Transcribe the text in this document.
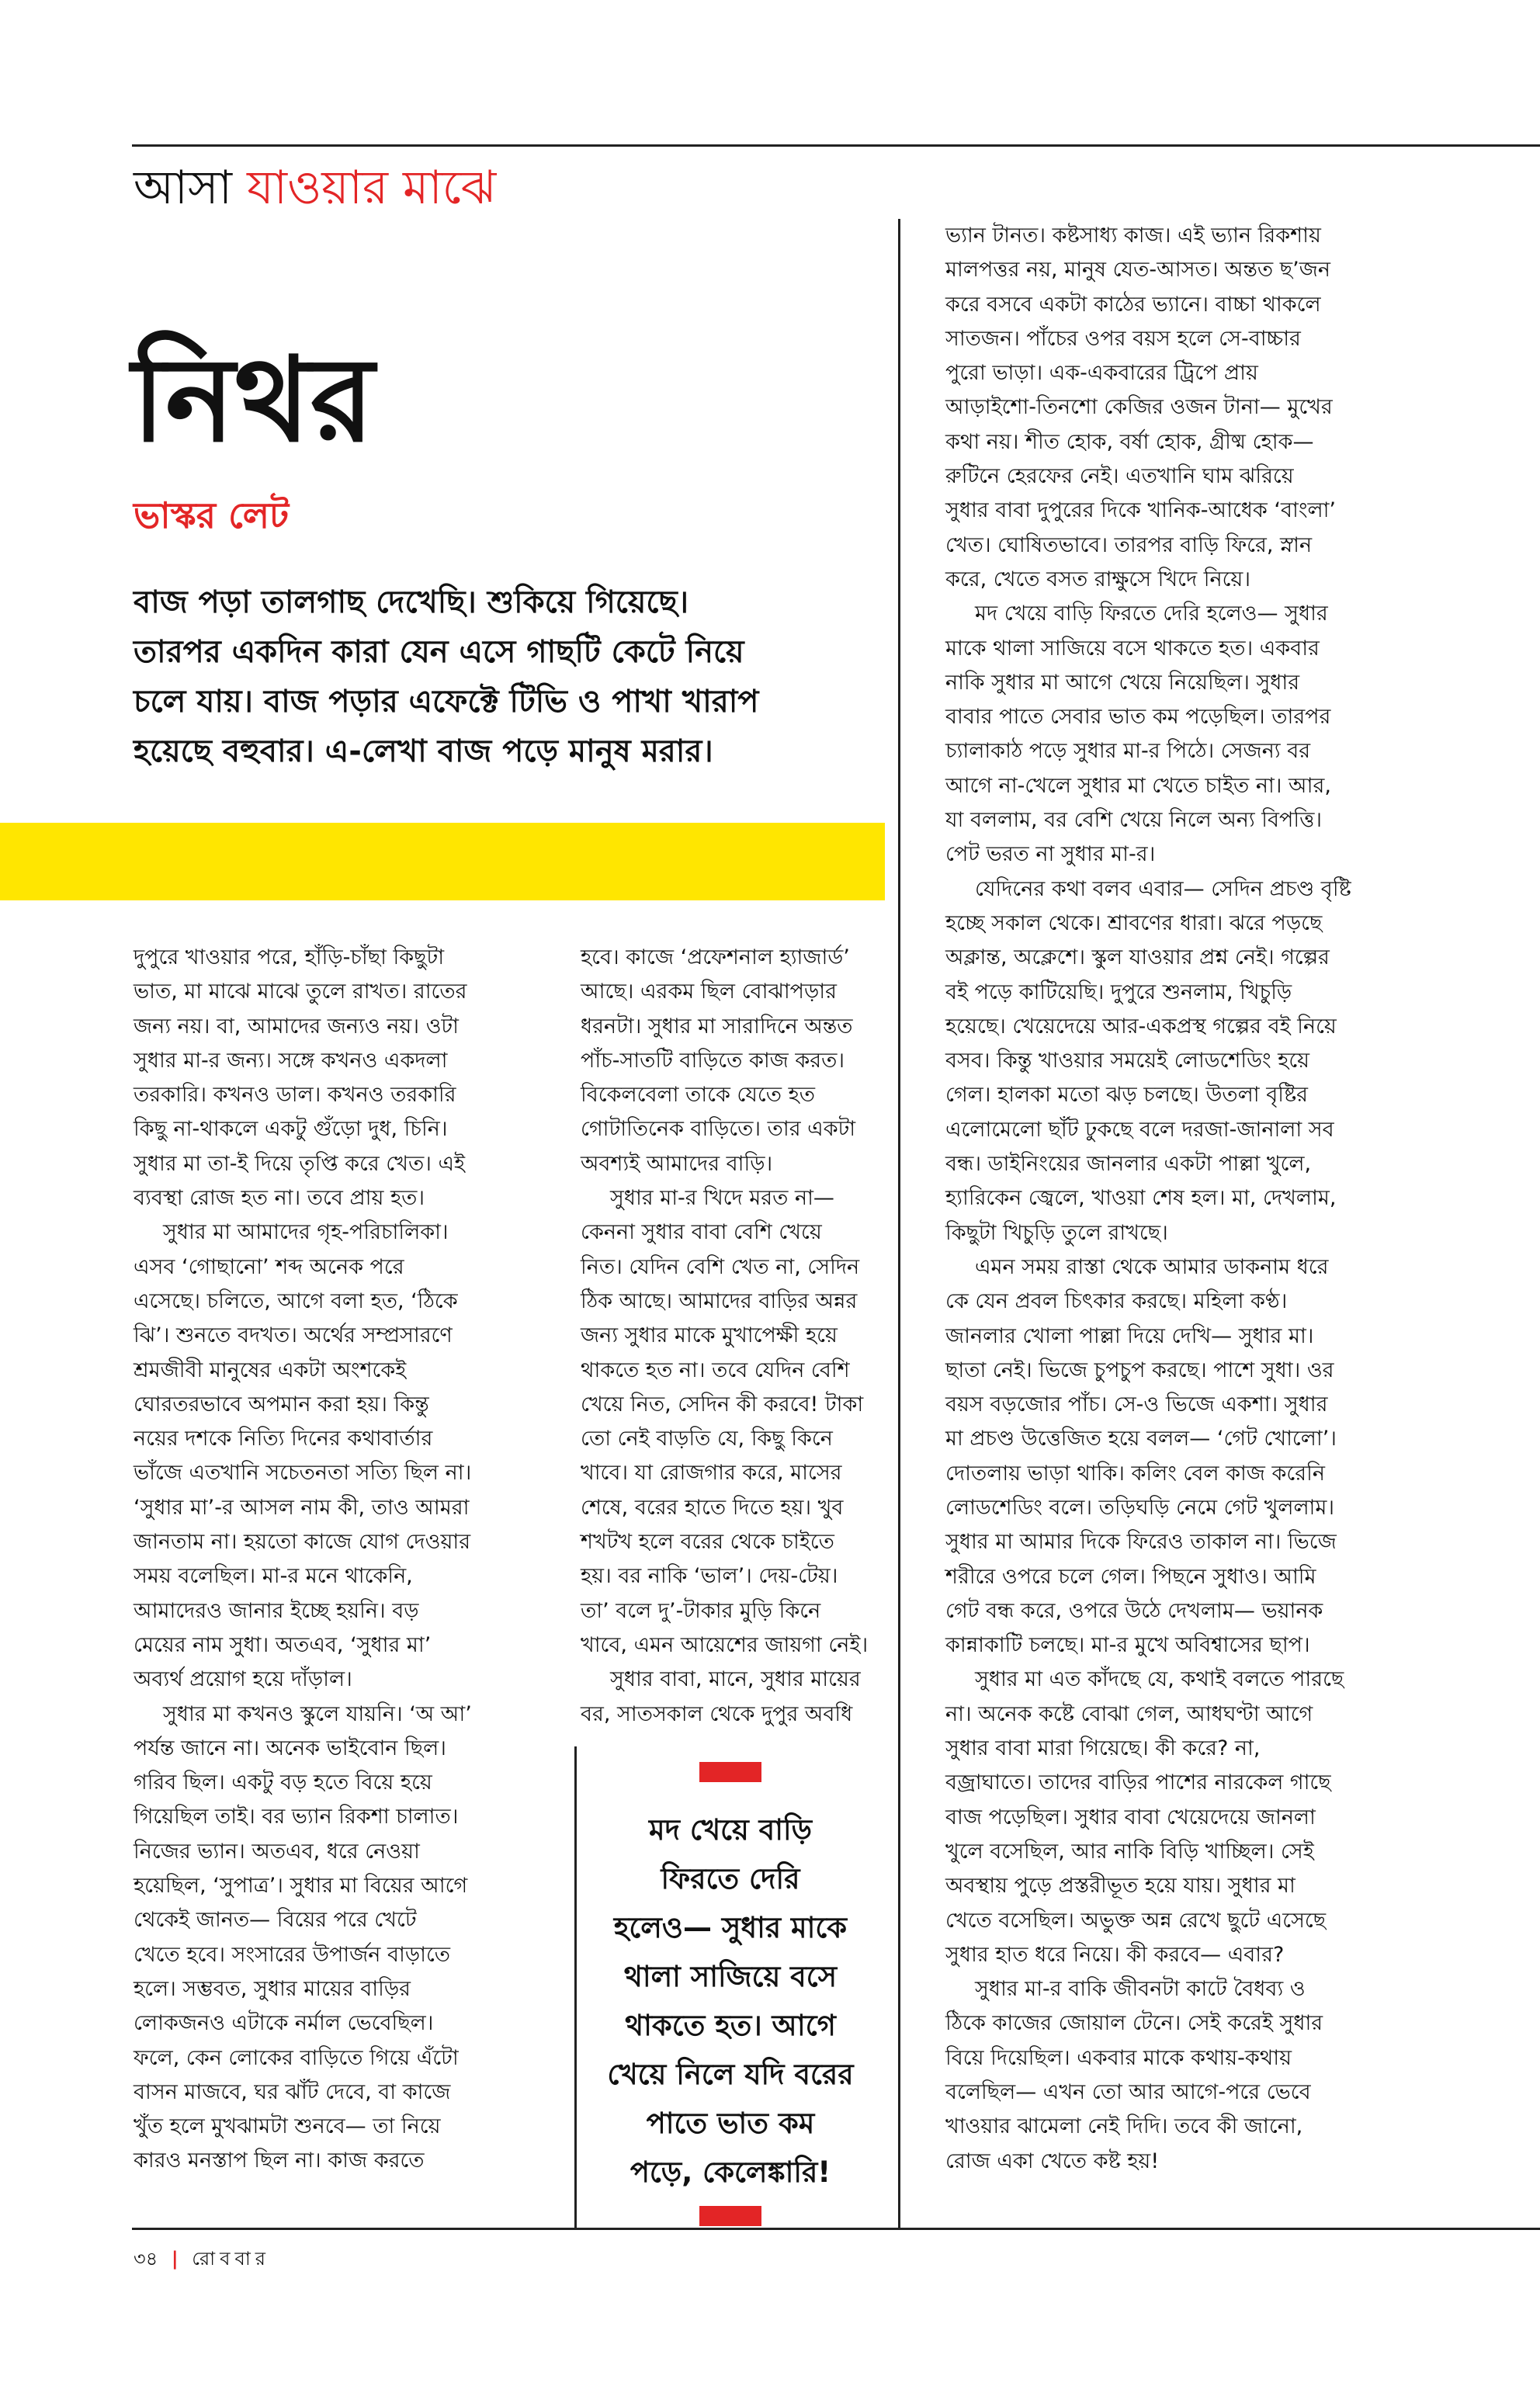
আসা যাওয়ার মাঝে
নিথর
ভাস্কর লেট

বাজ পড়া তালগাছ দেখেছি। শুকিয়ে গিয়েছে।

তারপর একদিন কারা যেন এসে গাছটি কেটে নিয়ে

চলে যায়। বাজ পড়ার এফেক্টে টিভি ও পাখা খারাপ

হয়েছে বহুবার। এ-লেখা বাজ পড়ে মানুষ মরার।

দুপুরে খাওয়ার পরে, হাঁড়ি-চাঁছা কিছুটা

ভাত, মা মাঝে মাঝে তুলে রাখত। রাতের

জন্য নয়। বা, আমাদের জন্যও নয়। ওটা

সুধার মা-র জন্য। সঙ্গে কখনও একদলা

তরকারি। কখনও ডাল। কখনও তরকারি

কিছু না-থাকলে একটু গুঁড়ো দুধ, চিনি।

সুধার মা তা-ই দিয়ে তৃপ্তি করে খেত। এই

ব্যবস্থা রোজ হত না। তবে প্রায় হত।

সুধার মা আমাদের গৃহ-পরিচালিকা।

এসব ‘গোছানো’ শব্দ অনেক পরে

এসেছে। চলিতে, আগে বলা হত, ‘ঠিকে

ঝি’। শুনতে বদখত। অর্থের সম্প্রসারণে

শ্রমজীবী মানুষের একটা অংশকেই

ঘোরতরভাবে অপমান করা হয়। কিন্তু

নয়ের দশকে নিত্যি দিনের কথাবার্তার

ভাঁজে এতখানি সচেতনতা সত্যি ছিল না।

‘সুধার মা’-র আসল নাম কী, তাও আমরা

জানতাম না। হয়তো কাজে যোগ দেওয়ার

সময় বলেছিল। মা-র মনে থাকেনি,

আমাদেরও জানার ইচ্ছে হয়নি। বড়

মেয়ের নাম সুধা। অতএব, ‘সুধার মা’

অব্যর্থ প্রয়োগ হয়ে দাঁড়াল।

সুধার মা কখনও স্কুলে যায়নি। ‘অ আ’

পর্যন্ত জানে না। অনেক ভাইবোন ছিল।

গরিব ছিল। একটু বড় হতে বিয়ে হয়ে

গিয়েছিল তাই। বর ভ্যান রিকশা চালাত।

নিজের ভ্যান। অতএব, ধরে নেওয়া

হয়েছিল, ‘সুপাত্র’। সুধার মা বিয়ের আগে

থেকেই জানত— বিয়ের পরে খেটে

খেতে হবে। সংসারের উপার্জন বাড়াতে

হলে। সম্ভবত, সুধার মায়ের বাড়ির

লোকজনও এটাকে নর্মাল ভেবেছিল।

ফলে, কেন লোকের বাড়িতে গিয়ে এঁটো

বাসন মাজবে, ঘর ঝাঁট দেবে, বা কাজে

খুঁত হলে মুখঝামটা শুনবে— তা নিয়ে

কারও মনস্তাপ ছিল না। কাজ করতে

হবে। কাজে ‘প্রফেশনাল হ্যাজার্ড’

আছে। এরকম ছিল বোঝাপড়ার

ধরনটা। সুধার মা সারাদিনে অন্তত

পাঁচ-সাতটি বাড়িতে কাজ করত।

বিকেলবেলা তাকে যেতে হত

গোটাতিনেক বাড়িতে। তার একটা

অবশ্যই আমাদের বাড়ি।

সুধার মা-র খিদে মরত না—

কেননা সুধার বাবা বেশি খেয়ে

নিত। যেদিন বেশি খেত না, সেদিন

ঠিক আছে। আমাদের বাড়ির অন্নর

জন্য সুধার মাকে মুখাপেক্ষী হয়ে

থাকতে হত না। তবে যেদিন বেশি

খেয়ে নিত, সেদিন কী করবে! টাকা

তো নেই বাড়তি যে, কিছু কিনে

খাবে। যা রোজগার করে, মাসের

শেষে, বরের হাতে দিতে হয়। খুব

শখটখ হলে বরের থেকে চাইতে

হয়। বর নাকি ‘ভাল’। দেয়-টেয়।

তা’ বলে দু’-টাকার মুড়ি কিনে

খাবে, এমন আয়েশের জায়গা নেই।

সুধার বাবা, মানে, সুধার মায়ের

বর, সাতসকাল থেকে দুপুর অবধি

ভ্যান টানত। কষ্টসাধ্য কাজ। এই ভ্যান রিকশায়

মালপত্তর নয়, মানুষ যেত-আসত। অন্তত ছ’জন

করে বসবে একটা কাঠের ভ্যানে। বাচ্চা থাকলে

সাতজন। পাঁচের ওপর বয়স হলে সে-বাচ্চার

পুরো ভাড়া। এক-একবারের ট্রিপে প্রায়

আড়াইশো-তিনশো কেজির ওজন টানা— মুখের

কথা নয়। শীত হোক, বর্ষা হোক, গ্রীষ্ম হোক—

রুটিনে হেরফের নেই। এতখানি ঘাম ঝরিয়ে

সুধার বাবা দুপুরের দিকে খানিক-আধেক ‘বাংলা’

খেত। ঘোষিতভাবে। তারপর বাড়ি ফিরে, স্নান

করে, খেতে বসত রাক্ষুসে খিদে নিয়ে।

মদ খেয়ে বাড়ি ফিরতে দেরি হলেও— সুধার

মাকে থালা সাজিয়ে বসে থাকতে হত। একবার

নাকি সুধার মা আগে খেয়ে নিয়েছিল। সুধার

বাবার পাতে সেবার ভাত কম পড়েছিল। তারপর

চ্যালাকাঠ পড়ে সুধার মা-র পিঠে। সেজন্য বর

আগে না-খেলে সুধার মা খেতে চাইত না। আর,

যা বললাম, বর বেশি খেয়ে নিলে অন্য বিপত্তি।

পেট ভরত না সুধার মা-র।

যেদিনের কথা বলব এবার— সেদিন প্রচণ্ড বৃষ্টি

হচ্ছে সকাল থেকে। শ্রাবণের ধারা। ঝরে পড়ছে

অক্লান্ত, অক্লেশে। স্কুল যাওয়ার প্রশ্ন নেই। গল্পের

বই পড়ে কাটিয়েছি। দুপুরে শুনলাম, খিচুড়ি

হয়েছে। খেয়েদেয়ে আর-একপ্রস্থ গল্পের বই নিয়ে

বসব। কিন্তু খাওয়ার সময়েই লোডশেডিং হয়ে

গেল। হালকা মতো ঝড় চলছে। উতলা বৃষ্টির

এলোমেলো ছাঁট ঢুকছে বলে দরজা-জানালা সব

বন্ধ। ডাইনিংয়ের জানলার একটা পাল্লা খুলে,

হ্যারিকেন জ্বেলে, খাওয়া শেষ হল। মা, দেখলাম,

কিছুটা খিচুড়ি তুলে রাখছে।

এমন সময় রাস্তা থেকে আমার ডাকনাম ধরে

কে যেন প্রবল চিৎকার করছে। মহিলা কণ্ঠ।

জানলার খোলা পাল্লা দিয়ে দেখি— সুধার মা।

ছাতা নেই। ভিজে চুপচুপ করছে। পাশে সুধা। ওর

বয়স বড়জোর পাঁচ। সে-ও ভিজে একশা। সুধার

মা প্রচণ্ড উত্তেজিত হয়ে বলল— ‘গেট খোলো’।

দোতলায় ভাড়া থাকি। কলিং বেল কাজ করেনি

লোডশেডিং বলে। তড়িঘড়ি নেমে গেট খুললাম।

সুধার মা আমার দিকে ফিরেও তাকাল না। ভিজে

শরীরে ওপরে চলে গেল। পিছনে সুধাও। আমি

গেট বন্ধ করে, ওপরে উঠে দেখলাম— ভয়ানক

কান্নাকাটি চলছে। মা-র মুখে অবিশ্বাসের ছাপ।

সুধার মা এত কাঁদছে যে, কথাই বলতে পারছে

না। অনেক কষ্টে বোঝা গেল, আধঘণ্টা আগে

সুধার বাবা মারা গিয়েছে। কী করে? না,

বজ্রাঘাতে। তাদের বাড়ির পাশের নারকেল গাছে

বাজ পড়েছিল। সুধার বাবা খেয়েদেয়ে জানলা

খুলে বসেছিল, আর নাকি বিড়ি খাচ্ছিল। সেই

অবস্থায় পুড়ে প্রস্তরীভূত হয়ে যায়। সুধার মা

খেতে বসেছিল। অভুক্ত অন্ন রেখে ছুটে এসেছে

সুধার হাত ধরে নিয়ে। কী করবে— এবার?

সুধার মা-র বাকি জীবনটা কাটে বৈধব্য ও

ঠিকে কাজের জোয়াল টেনে। সেই করেই সুধার

বিয়ে দিয়েছিল। একবার মাকে কথায়-কথায়

বলেছিল— এখন তো আর আগে-পরে ভেবে

খাওয়ার ঝামেলা নেই দিদি। তবে কী জানো,

রোজ একা খেতে কষ্ট হয়!

মদ খেয়ে বাড়ি

ফিরতে দেরি

হলেও— সুধার মাকে

থালা সাজিয়ে বসে

থাকতে হত। আগে

খেয়ে নিলে যদি বরের

পাতে ভাত কম

পড়ে, কেলেঙ্কারি!

৩৪ | রোববার
